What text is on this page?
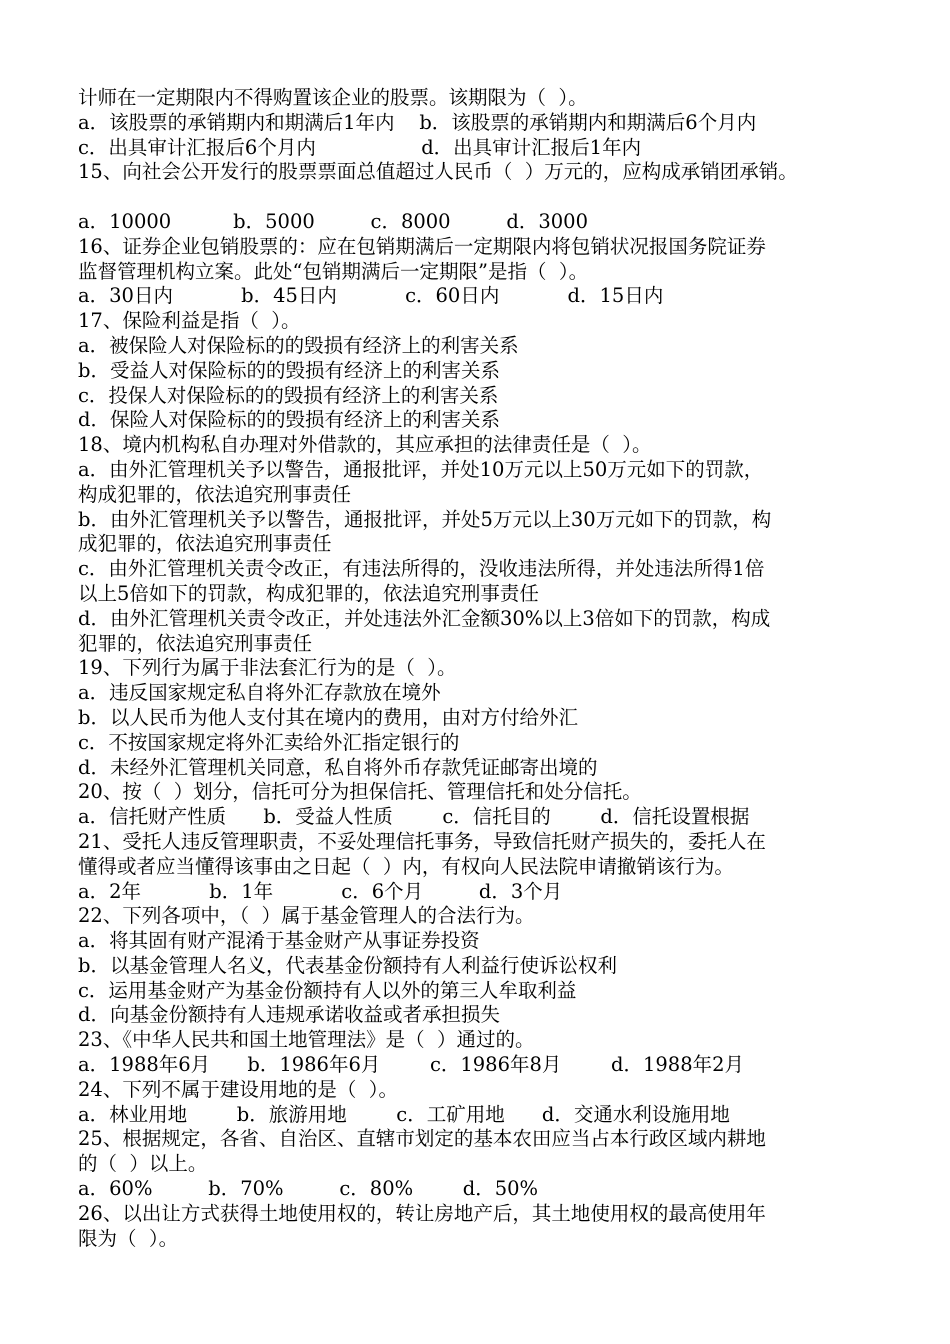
计师在一定期限内不得购置该企业的股票。该期限为（  ）。
a．该股票的承销期内和期满后1年内    b．该股票的承销期内和期满后6个月内
c．出具审计汇报后6个月内                 d．出具审计汇报后1年内
15、向社会公开发行的股票票面总值超过人民币（  ）万元的，应构成承销团承销。
a．10000          b．5000         c．8000         d．3000
16、证券企业包销股票的：应在包销期满后一定期限内将包销状况报国务院证券
监督管理机构立案。此处“包销期满后一定期限”是指（  ）。
a．30日内           b．45日内           c．60日内           d．15日内
17、保险利益是指（  ）。
a．被保险人对保险标的的毁损有经济上的利害关系
b．受益人对保险标的的毁损有经济上的利害关系
c．投保人对保险标的的毁损有经济上的利害关系
d．保险人对保险标的的毁损有经济上的利害关系
18、境内机构私自办理对外借款的，其应承担的法律责任是（  ）。
a．由外汇管理机关予以警告，通报批评，并处10万元以上50万元如下的罚款，
构成犯罪的，依法追究刑事责任
b．由外汇管理机关予以警告，通报批评，并处5万元以上30万元如下的罚款，构
成犯罪的，依法追究刑事责任
c．由外汇管理机关责令改正，有违法所得的，没收违法所得，并处违法所得1倍
以上5倍如下的罚款，构成犯罪的，依法追究刑事责任
d．由外汇管理机关责令改正，并处违法外汇金额30%以上3倍如下的罚款，构成
犯罪的，依法追究刑事责任
19、下列行为属于非法套汇行为的是（  ）。
a．违反国家规定私自将外汇存款放在境外
b．以人民币为他人支付其在境内的费用，由对方付给外汇
c．不按国家规定将外汇卖给外汇指定银行的
d．未经外汇管理机关同意，私自将外币存款凭证邮寄出境的
20、按（  ）划分，信托可分为担保信托、管理信托和处分信托。
a．信托财产性质      b．受益人性质        c．信托目的        d．信托设置根据
21、受托人违反管理职责，不妥处理信托事务，导致信托财产损失的，委托人在
懂得或者应当懂得该事由之日起（  ）内，有权向人民法院申请撤销该行为。
a．2年           b．1年           c．6个月         d．3个月
22、下列各项中，（  ）属于基金管理人的合法行为。
a．将其固有财产混淆于基金财产从事证券投资
b．以基金管理人名义，代表基金份额持有人利益行使诉讼权利
c．运用基金财产为基金份额持有人以外的第三人牟取利益
d．向基金份额持有人违规承诺收益或者承担损失
23、《中华人民共和国土地管理法》是（  ）通过的。
a．1988年6月      b．1986年6月        c．1986年8月        d．1988年2月
24、下列不属于建设用地的是（  ）。
a．林业用地        b．旅游用地        c．工矿用地      d．交通水利设施用地
25、根据规定，各省、自治区、直辖市划定的基本农田应当占本行政区域内耕地
的（  ）以上。
a．60%         b．70%         c．80%        d．50%
26、以出让方式获得土地使用权的，转让房地产后，其土地使用权的最高使用年
限为（  ）。
